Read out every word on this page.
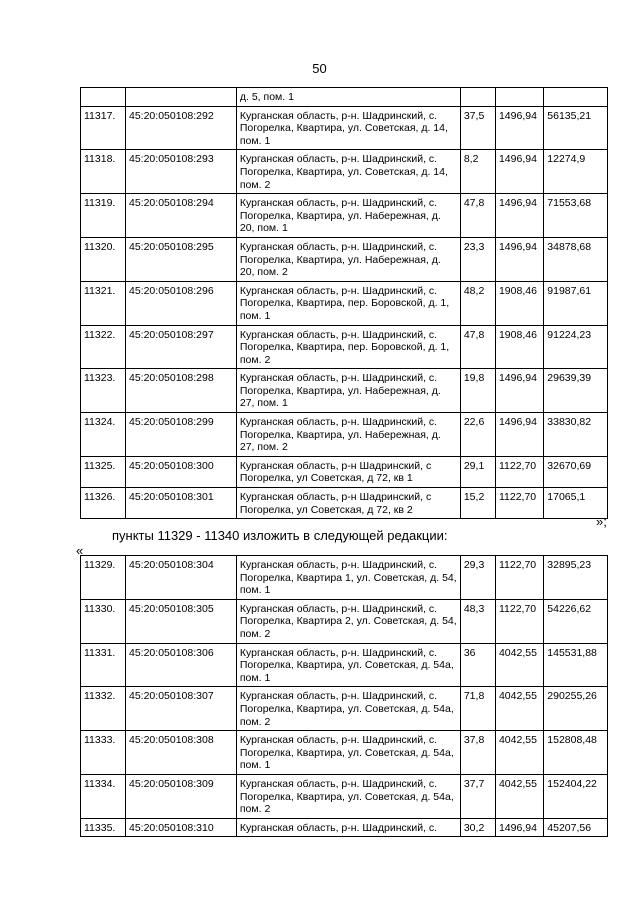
50
		д. 5, пом. 1			
11317.	45:20:050108:292	Курганская область, р-н. Шадринский, с. Погорелка, Квартира, ул. Советская, д. 14, пом. 1	37,5	1496,94	56135,21
11318.	45:20:050108:293	Курганская область, р-н. Шадринский, с. Погорелка, Квартира, ул. Советская, д. 14, пом. 2	8,2	1496,94	12274,9
11319.	45:20:050108:294	Курганская область, р-н. Шадринский, с. Погорелка, Квартира, ул. Набережная, д. 20, пом. 1	47,8	1496,94	71553,68
11320.	45:20:050108:295	Курганская область, р-н. Шадринский, с. Погорелка, Квартира, ул. Набережная, д. 20, пом. 2	23,3	1496,94	34878,68
11321.	45:20:050108:296	Курганская область, р-н. Шадринский, с. Погорелка, Квартира, пер. Боровской, д. 1, пом. 1	48,2	1908,46	91987,61
11322.	45:20:050108:297	Курганская область, р-н. Шадринский, с. Погорелка, Квартира, пер. Боровской, д. 1, пом. 2	47,8	1908,46	91224,23
11323.	45:20:050108:298	Курганская область, р-н. Шадринский, с. Погорелка, Квартира, ул. Набережная, д. 27, пом. 1	19,8	1496,94	29639,39
11324.	45:20:050108:299	Курганская область, р-н. Шадринский, с. Погорелка, Квартира, ул. Набережная, д. 27, пом. 2	22,6	1496,94	33830,82
11325.	45:20:050108:300	Курганская область, р-н Шадринский, с Погорелка, ул Советская, д 72, кв 1	29,1	1122,70	32670,69
11326.	45:20:050108:301	Курганская область, р-н Шадринский, с Погорелка, ул Советская, д 72, кв 2	15,2	1122,70	17065,1
»;
пункты 11329 - 11340 изложить в следующей редакции:
«
11329.	45:20:050108:304	Курганская область, р-н. Шадринский, с. Погорелка, Квартира 1, ул. Советская, д. 54, пом. 1	29,3	1122,70	32895,23
11330.	45:20:050108:305	Курганская область, р-н. Шадринский, с. Погорелка, Квартира 2, ул. Советская, д. 54, пом. 2	48,3	1122,70	54226,62
11331.	45:20:050108:306	Курганская область, р-н. Шадринский, с. Погорелка, Квартира, ул. Советская, д. 54а, пом. 1	36	4042,55	145531,88
11332.	45:20:050108:307	Курганская область, р-н. Шадринский, с. Погорелка, Квартира, ул. Советская, д. 54а, пом. 2	71,8	4042,55	290255,26
11333.	45:20:050108:308	Курганская область, р-н. Шадринский, с. Погорелка, Квартира, ул. Советская, д. 54а, пом. 1	37,8	4042,55	152808,48
11334.	45:20:050108:309	Курганская область, р-н. Шадринский, с. Погорелка, Квартира, ул. Советская, д. 54а, пом. 2	37,7	4042,55	152404,22
11335.	45:20:050108:310	Курганская область, р-н. Шадринский, с.	30,2	1496,94	45207,56
